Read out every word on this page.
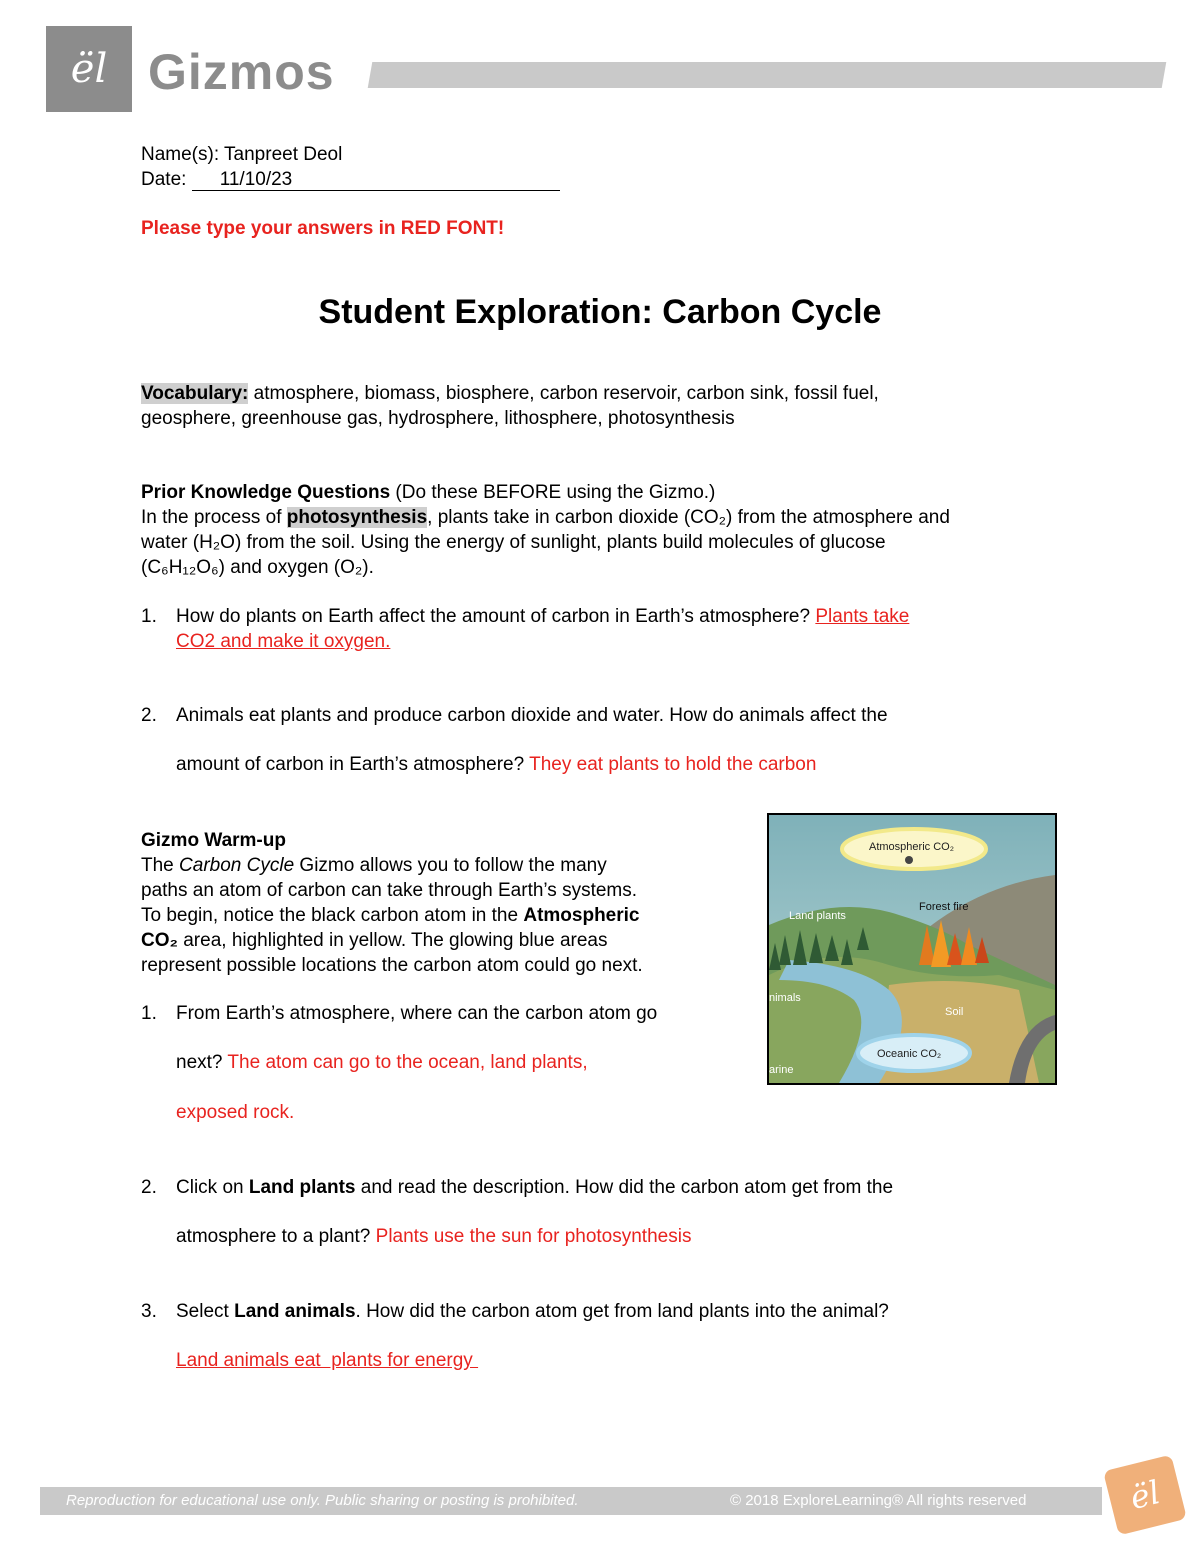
ël Gizmos
Name(s): Tanpreet Deol
Date: 11/10/23
Please type your answers in RED FONT!
Student Exploration: Carbon Cycle
Vocabulary: atmosphere, biomass, biosphere, carbon reservoir, carbon sink, fossil fuel,
geosphere, greenhouse gas, hydrosphere, lithosphere, photosynthesis
Prior Knowledge Questions (Do these BEFORE using the Gizmo.)
In the process of photosynthesis, plants take in carbon dioxide (CO₂) from the atmosphere and
water (H₂O) from the soil. Using the energy of sunlight, plants build molecules of glucose
(C₆H₁₂O₆) and oxygen (O₂).
1.	How do plants on Earth affect the amount of carbon in Earth’s atmosphere? Plants take
CO2 and make it oxygen.
2.	Animals eat plants and produce carbon dioxide and water. How do animals affect the
amount of carbon in Earth’s atmosphere? They eat plants to hold the carbon
Gizmo Warm-up
The Carbon Cycle Gizmo allows you to follow the many
paths an atom of carbon can take through Earth’s systems.
To begin, notice the black carbon atom in the Atmospheric
CO₂ area, highlighted in yellow. The glowing blue areas
represent possible locations the carbon atom could go next.
1.	From Earth’s atmosphere, where can the carbon atom go
next? The atom can go to the ocean, land plants,
exposed rock.
2.	Click on Land plants and read the description. How did the carbon atom get from the
atmosphere to a plant? Plants use the sun for photosynthesis
3.	Select Land animals. How did the carbon atom get from land plants into the animal?
Land animals eat  plants for energy
Atmospheric CO₂
Forest fire
Land plants
nimals
Soil
Oceanic CO₂
arine
Reproduction for educational use only. Public sharing or posting is prohibited.	© 2018 ExploreLearning® All rights reserved	ël
